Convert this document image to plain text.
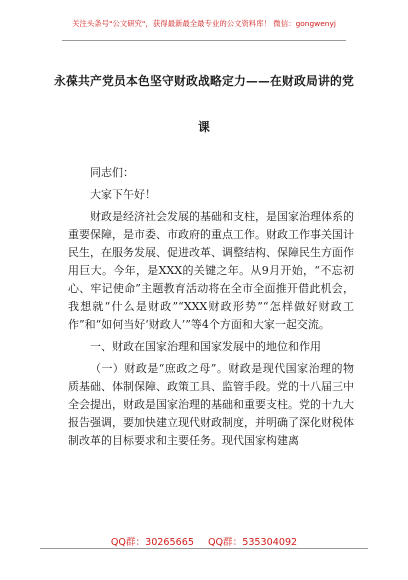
关注头条号"公文研究"，获得最新最全最专业的公文资料库！ 微信：gongwenyj
永葆共产党员本色坚守财政战略定力——在财政局讲的党
课

同志们：

大家下午好！

财政是经济社会发展的基础和支柱，是国家治理体系的重要保障，是市委、市政府的重点工作。财政工作事关国计民生，在服务发展、促进改革、调整结构、保障民生方面作用巨大。今年，是XXX的关键之年。从9月开始，“不忘初心、牢记使命”主题教育活动将在全市全面推开借此机会，我想就“什么是财政”“XXX财政形势”“怎样做好财政工作”和“如何当好‘财政人’”等4个方面和大家一起交流。

一、财政在国家治理和国家发展中的地位和作用

（一）财政是“庶政之母”。财政是现代国家治理的物质基础、体制保障、政策工具、监管手段。党的十八届三中全会提出，财政是国家治理的基础和重要支柱。党的十九大报告强调，要加快建立现代财政制度，并明确了深化财税体制改革的目标要求和主要任务。现代国家构建离

QQ群：30265665 QQ群：535304092
